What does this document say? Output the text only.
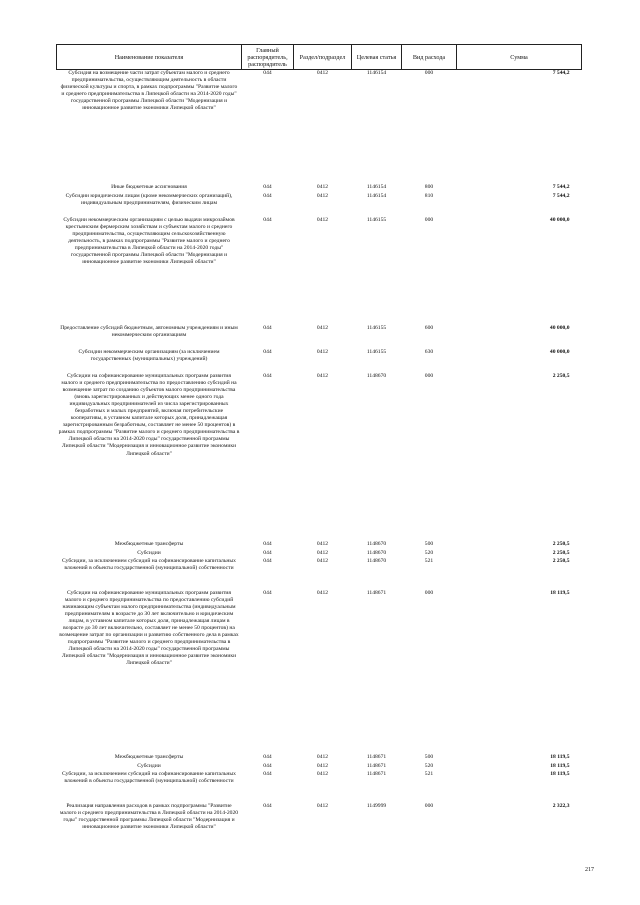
Наименование показателя	Главный распорядитель, распорядитель	Раздел/подраздел	Целевая статья	Вид расхода	Сумма
Субсидия на возмещение части затрат субъектам малого и среднего предпринимательства, осуществляющим деятельность в области физической культуры и спорта, в рамках подпрограммы "Развитие малого и среднего предпринимательства в Липецкой области на 2014-2020 годы" государственной программы Липецкой области "Модернизация и инновационное развитие экономики Липецкой области"	044	0412	1146154	000	7 544,2
Иные бюджетные ассигнования	044	0412	1146154	800	7 544,2
Субсидии юридическим лицам (кроме некоммерческих организаций), индивидуальным предпринимателям, физическим лицам	044	0412	1146154	810	7 544,2
Субсидии некоммерческим организациям с целью выдачи микрозаймов крестьянским фермерским хозяйствам и субъектам малого и среднего предпринимательства, осуществляющим сельскохозяйственную деятельность, в рамках подпрограммы "Развитие малого и среднего предпринимательства в Липецкой области на 2014-2020 годы" государственной программы Липецкой области "Модернизация и инновационное развитие экономики Липецкой области"	044	0412	1146155	000	40 000,0
Предоставление субсидий бюджетным, автономным учреждениям и иным некоммерческим организациям	044	0412	1146155	600	40 000,0
Субсидии некоммерческим организациям (за исключением государственных (муниципальных) учреждений)	044	0412	1146155	630	40 000,0
Субсидии на софинансирование муниципальных программ развития малого и среднего предпринимательства по предоставлению субсидий на возмещение затрат по созданию субъектов малого предпринимательства (вновь зарегистрированных и действующих менее одного года индивидуальных предпринимателей из числа зарегистрированных безработных и малых предприятий, включая потребительские кооперативы, в уставном капитале которых доля, принадлежащая зарегистрированным безработным, составляет не менее 50 процентов) в рамках подпрограммы "Развитие малого и среднего предпринимательства в Липецкой области на 2014-2020 годы" государственной программы Липецкой области "Модернизация и инновационное развитие экономики Липецкой области"	044	0412	1148670	000	2 250,5
Межбюджетные трансферты	044	0412	1148670	500	2 250,5
Субсидии	044	0412	1148670	520	2 250,5
Субсидии, за исключением субсидий на софинансирование капитальных вложений в объекты государственной (муниципальной) собственности	044	0412	1148670	521	2 250,5
Субсидии на софинансирование муниципальных программ развития малого и среднего предпринимательства по предоставлению субсидий начинающим субъектам малого предпринимательства (индивидуальным предпринимателям в возрасте до 30 лет включительно и юридическим лицам, в уставном капитале которых доля, принадлежащая лицам в возрасте до 30 лет включительно, составляет не менее 50 процентов) на возмещение затрат по организации и развитию собственного дела в рамках подпрограммы "Развитие малого и среднего предпринимательства в Липецкой области на 2014-2020 годы" государственной программы Липецкой области "Модернизация и инновационное развитие экономики Липецкой области"	044	0412	1148671	000	18 119,5
Межбюджетные трансферты	044	0412	1148671	500	18 119,5
Субсидии	044	0412	1148671	520	18 119,5
Субсидии, за исключением субсидий на софинансирование капитальных вложений в объекты государственной (муниципальной) собственности	044	0412	1148671	521	18 119,5
Реализация направления расходов в рамках подпрограммы "Развитие малого и среднего предпринимательства в Липецкой области на 2014-2020 годы" государственной программы Липецкой области "Модернизация и инновационное развитие экономики Липецкой области"	044	0412	1149999	000	2 322,3
217
